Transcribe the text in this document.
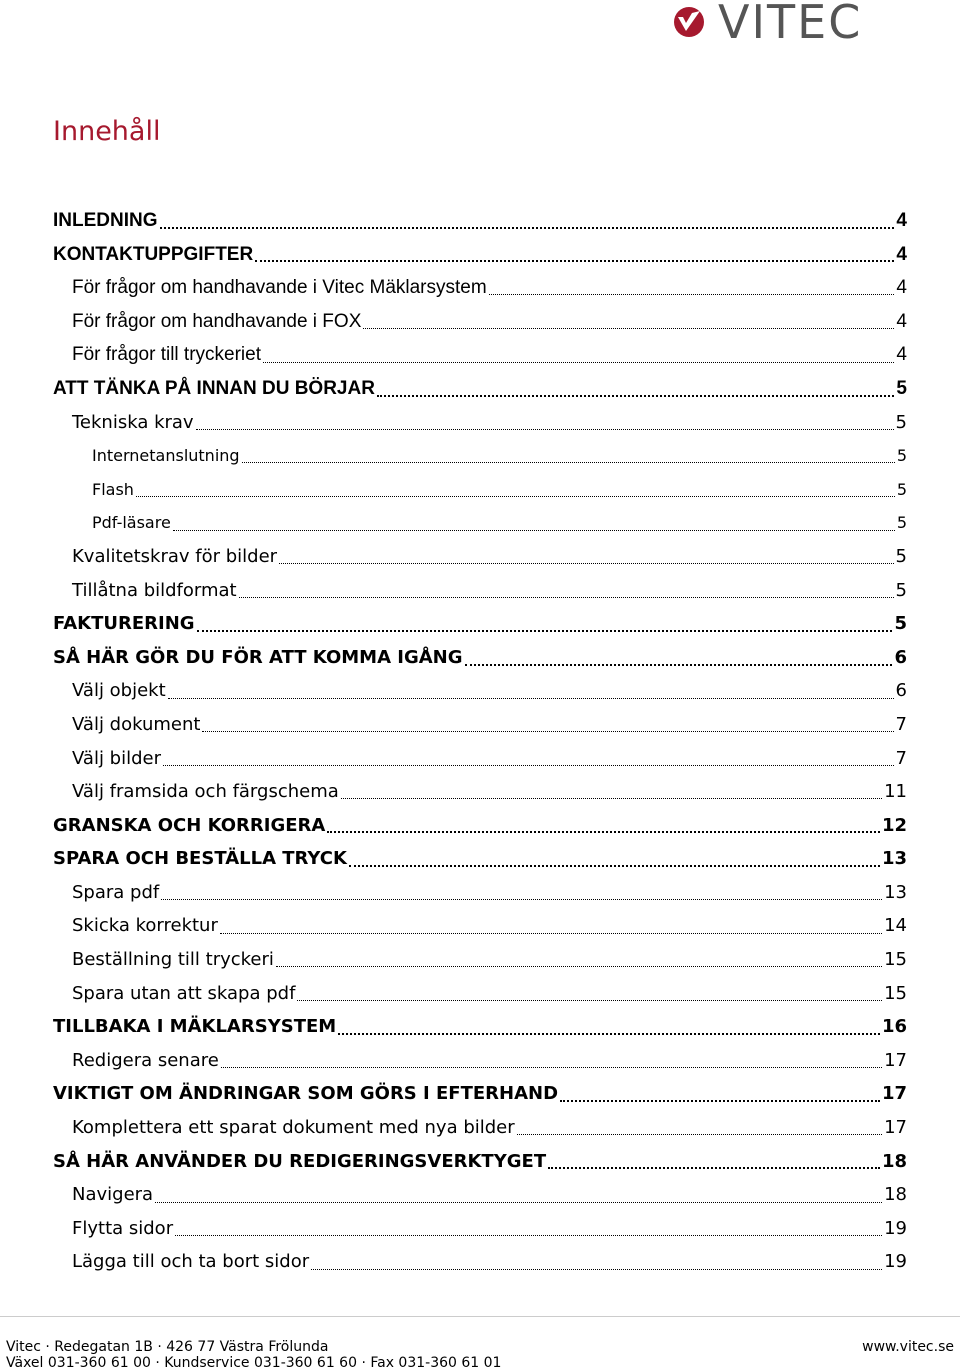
VITEC
Innehåll
INLEDNING	4
KONTAKTUPPGIFTER	4
För frågor om handhavande i Vitec Mäklarsystem	4
För frågor om handhavande i FOX	4
För frågor till tryckeriet	4
ATT TÄNKA PÅ INNAN DU BÖRJAR	5
Tekniska krav	5
Internetanslutning	5
Flash	5
Pdf-läsare	5
Kvalitetskrav för bilder	5
Tillåtna bildformat	5
FAKTURERING	5
SÅ HÄR GÖR DU FÖR ATT KOMMA IGÅNG	6
Välj objekt	6
Välj dokument	7
Välj bilder	7
Välj framsida och färgschema	11
GRANSKA OCH KORRIGERA	12
SPARA OCH BESTÄLLA TRYCK	13
Spara pdf	13
Skicka korrektur	14
Beställning till tryckeri	15
Spara utan att skapa pdf	15
TILLBAKA I MÄKLARSYSTEM	16
Redigera senare	17
VIKTIGT OM ÄNDRINGAR SOM GÖRS I EFTERHAND	17
Komplettera ett sparat dokument med nya bilder	17
SÅ HÄR ANVÄNDER DU REDIGERINGSVERKTYGET	18
Navigera	18
Flytta sidor	19
Lägga till och ta bort sidor	19
Vitec · Redegatan 1B · 426 77 Västra Frölunda	www.vitec.se
Växel 031-360 61 00 · Kundservice 031-360 61 60 · Fax 031-360 61 01
